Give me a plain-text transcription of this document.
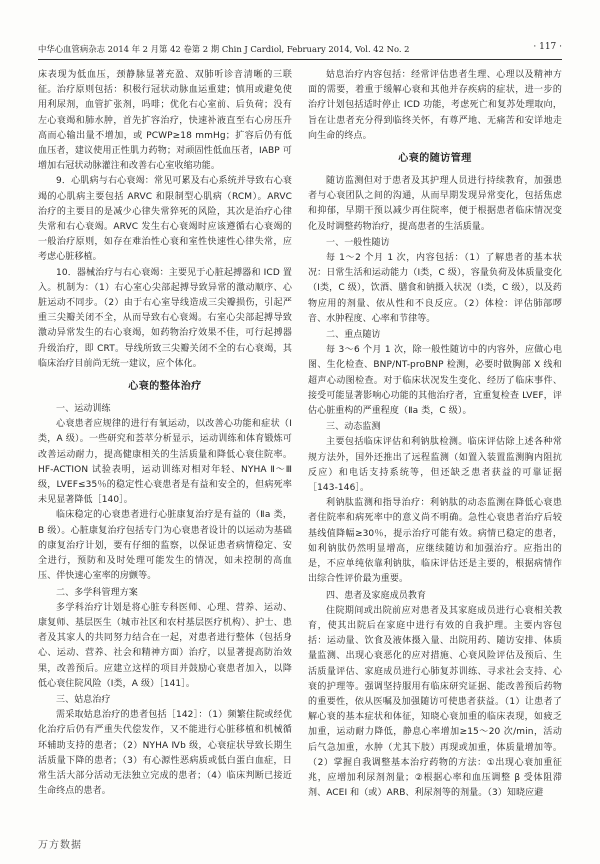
中华心血管病杂志 2014 年 2 月第 42 卷第 2 期 Chin J Cardiol, February 2014, Vol. 42 No. 2	· 117 ·

床表现为低血压，颈静脉显著充盈、双肺听诊音清晰的三联征。治疗原则包括：积极行冠状动脉血运重建；慎用或避免使用利尿剂，血管扩张剂，吗啡；优化右心室前、后负荷；没有左心衰竭和肺水肿，首先扩容治疗，快速补液直至右心房压升高而心输出量不增加，或 PCWP≥18 mmHg；扩容后仍有低血压者，建议使用正性肌力药物；对顽固性低血压者，IABP 可增加右冠状动脉灌注和改善右心室收缩功能。

9．心肌病与右心衰竭：常见可累及右心系统并导致右心衰竭的心肌病主要包括 ARVC 和限制型心肌病（RCM）。ARVC 治疗的主要目的是减少心律失常猝死的风险，其次是治疗心律失常和右心衰竭。ARVC 发生右心衰竭时应该遵循右心衰竭的一般治疗原则，如存在难治性心衰和室性快速性心律失常，应考虑心脏移植。

10．器械治疗与右心衰竭：主要见于心脏起搏器和 ICD 置入。机制为：（1）右心室心尖部起搏导致异常的激动顺序、心脏运动不同步。（2）由于右心室导线造成三尖瓣损伤，引起严重三尖瓣关闭不全，从而导致右心衰竭。右室心尖部起搏导致激动异常发生的右心衰竭，如药物治疗效果不佳，可行起搏器升级治疗，即 CRT。导线所致三尖瓣关闭不全的右心衰竭，其临床治疗目前尚无统一建议，应个体化。

心衰的整体治疗

一、运动训练

心衰患者应规律的进行有氧运动，以改善心功能和症状（Ⅰ类，A 级）。一些研究和荟萃分析显示，运动训练和体育锻炼可改善运动耐力，提高健康相关的生活质量和降低心衰住院率。HF-ACTION 试验表明，运动训练对相对年轻、NYHA Ⅱ～Ⅲ级，LVEF≤35％的稳定性心衰患者是有益和安全的，但病死率未见显著降低［140］。

临床稳定的心衰患者进行心脏康复治疗是有益的（Ⅱa 类，B 级）。心脏康复治疗包括专门为心衰患者设计的以运动为基础的康复治疗计划，要有仔细的监察，以保证患者病情稳定、安全进行，预防和及时处理可能发生的情况，如未控制的高血压、伴快速心室率的房颤等。

二、多学科管理方案

多学科治疗计划是将心脏专科医师、心理、营养、运动、康复师、基层医生（城市社区和农村基层医疗机构）、护士、患者及其家人的共同努力结合在一起，对患者进行整体（包括身心、运动、营养、社会和精神方面）治疗，以显著提高防治效果，改善预后。应建立这样的项目并鼓励心衰患者加入，以降低心衰住院风险（Ⅰ类，A 级）［141］。

三、姑息治疗

需采取姑息治疗的患者包括［142］：（1）频繁住院或经优化治疗后仍有严重失代偿发作，又不能进行心脏移植和机械循环辅助支持的患者；（2）NYHA Ⅳb 级，心衰症状导致长期生活质量下降的患者；（3）有心源性恶病质或低白蛋白血症，日常生活大部分活动无法独立完成的患者；（4）临床判断已接近生命终点的患者。

姑息治疗内容包括：经常评估患者生理、心理以及精神方面的需要，着重于缓解心衰和其他并存疾病的症状，进一步的治疗计划包括适时停止 ICD 功能，考虑死亡和复苏处理取向，旨在让患者充分得到临终关怀，有尊严地、无痛苦和安详地走向生命的终点。

心衰的随访管理

随访监测但对于患者及其护理人员进行持续教育，加强患者与心衰团队之间的沟通，从而早期发现异常变化，包括焦虑和抑郁，早期干预以减少再住院率，便于根据患者临床情况变化及时调整药物治疗，提高患者的生活质量。

一、一般性随访

每 1～2 个月 1 次，内容包括：（1）了解患者的基本状况：日常生活和运动能力（Ⅰ类，C 级），容量负荷及体质量变化（Ⅰ类，C 级），饮酒、膳食和钠摄入状况（Ⅰ类，C 级），以及药物应用的剂量、依从性和不良反应。（2）体检：评估肺部啰音、水肿程度、心率和节律等。

二、重点随访

每 3～6 个月 1 次，除一般性随访中的内容外，应做心电图、生化检查、BNP/NT-proBNP 检测，必要时做胸部 X 线和超声心动图检查。对于临床状况发生变化、经历了临床事件、接受可能显著影响心功能的其他治疗者，宜重复检查 LVEF，评估心脏重构的严重程度（Ⅱa 类，C 级）。

三、动态监测

主要包括临床评估和利钠肽检测。临床评估除上述各种常规方法外，国外还推出了远程监测（如置入装置监测胸内阻抗反应）和电话支持系统等，但还缺乏患者获益的可靠证据［143-146］。

利钠肽监测和指导治疗：利钠肽的动态监测在降低心衰患者住院率和病死率中的意义尚不明确。急性心衰患者治疗后较基线值降幅≥30％，提示治疗可能有效。病情已稳定的患者，如利钠肽仍然明显增高，应继续随访和加强治疗。应指出的是，不应单纯依靠利钠肽，临床评估还是主要的，根据病情作出综合性评价最为重要。

四、患者及家庭成员教育

住院期间或出院前应对患者及其家庭成员进行心衰相关教育，使其出院后在家庭中进行有效的自我护理。主要内容包括：运动量、饮食及液体摄入量、出院用药、随访安排、体质量监测、出现心衰恶化的应对措施、心衰风险评估及预后、生活质量评估、家庭成员进行心肺复苏训练、寻求社会支持、心衰的护理等。强调坚持服用有临床研究证据、能改善预后药物的重要性，依从医嘱及加强随访可使患者获益。（1）让患者了解心衰的基本症状和体征，知晓心衰加重的临床表现，如疲乏加重，运动耐力降低，静息心率增加≥15～20 次/min，活动后气急加重，水肿（尤其下肢）再现或加重，体质量增加等。（2）掌握自我调整基本治疗药物的方法：①出现心衰加重征兆，应增加利尿剂剂量；②根据心率和血压调整 β 受体阻滞剂、ACEI 和（或）ARB、利尿剂等的剂量。（3）知晓应避

万方数据
